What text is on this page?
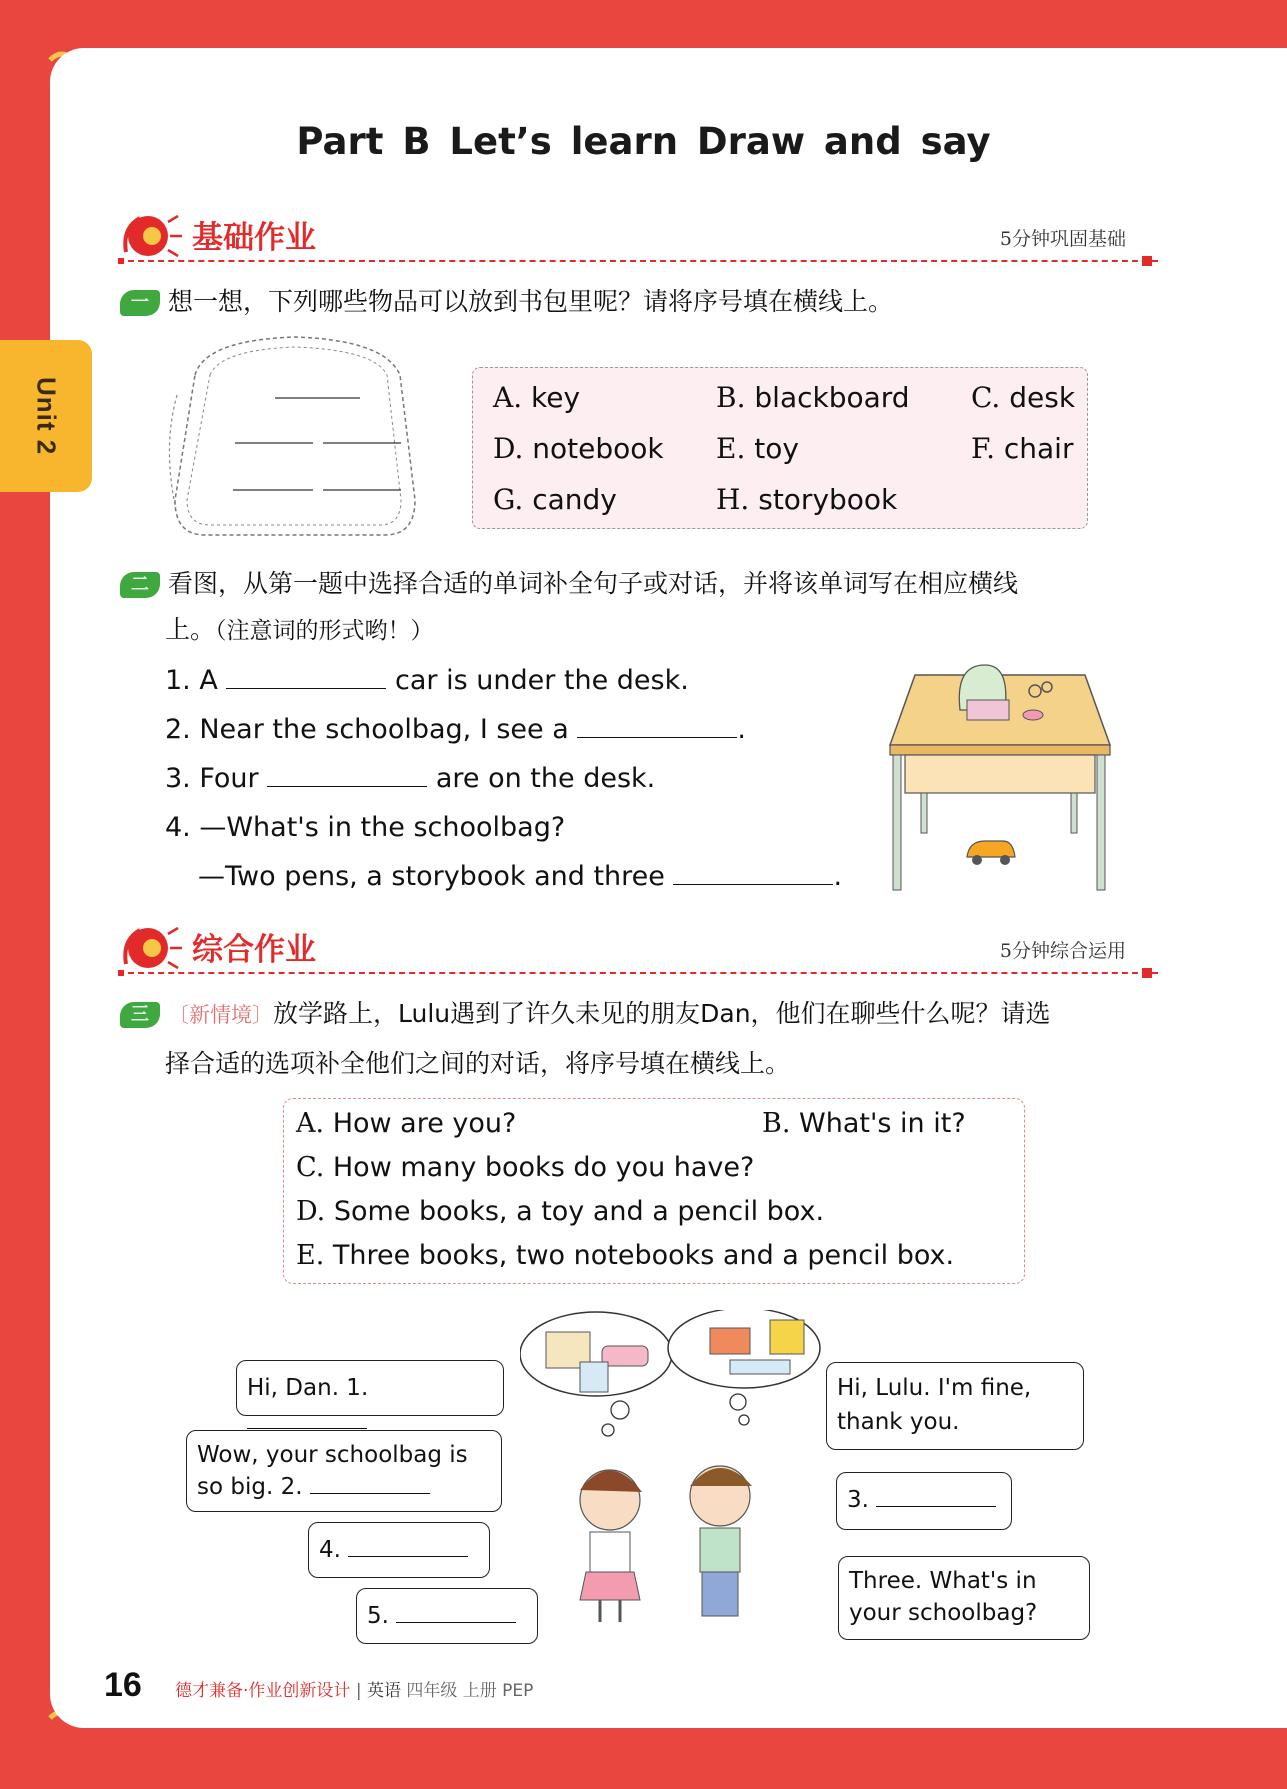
Unit 2
Part B Let’s learn Draw and say
基础作业	5分钟巩固基础
一 想一想，下列哪些物品可以放到书包里呢？请将序号填在横线上。
A. key	B. blackboard C. desk
D. notebook E. toy	F. chair
G. candy	H. storybook
二 看图，从第一题中选择合适的单词补全句子或对话，并将该单词写在相应横线
上。（注意词的形式哟！）
1. A	car is under the desk.
2. Near the schoolbag, I see a	.
3. Four	are on the desk.
4. —What's in the schoolbag?
—Two pens, a storybook and three	.
综合作业	5分钟综合运用
三 〔新情境〕放学路上，Lulu遇到了许久未见的朋友Dan，他们在聊些什么呢？请选
择合适的选项补全他们之间的对话，将序号填在横线上。
A. How are you?	B. What's in it?
C. How many books do you have?
D. Some books, a toy and a pencil box.
E. Three books, two notebooks and a pencil box.
Hi, Dan. 1.
Wow, your schoolbag is
so big. 2.
4.
5.
Hi, Lulu. I'm fine,
thank you.
3.
Three. What's in
your schoolbag?
16 德才兼备·作业创新设计 | 英语 四年级 上册 PEP
